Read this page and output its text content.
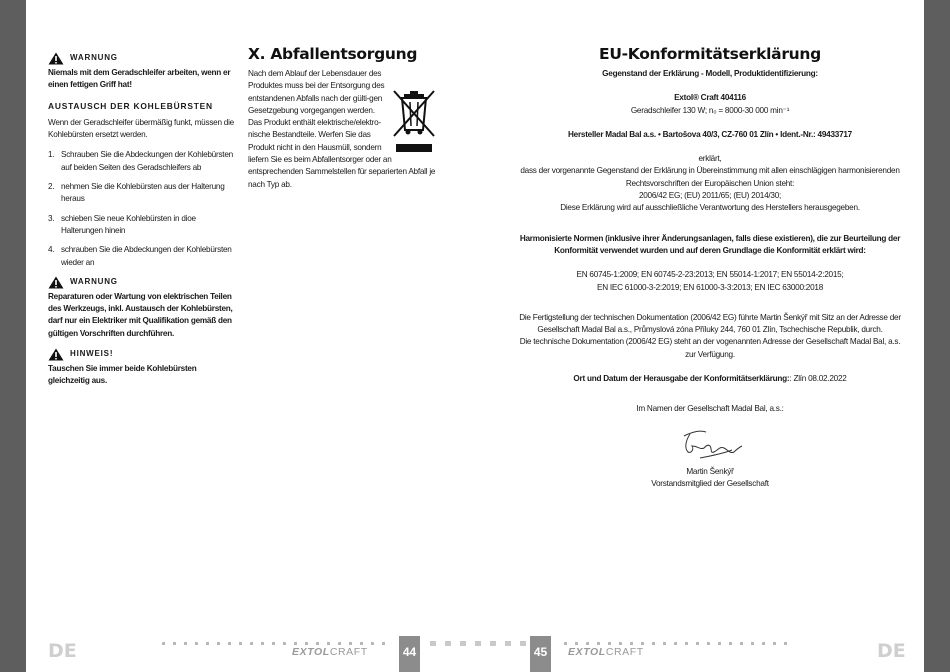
WARNUNG
Niemals mit dem Geradschleifer arbeiten, wenn er einen fettigen Griff hat!
AUSTAUSCH DER KOHLEBÜRSTEN
Wenn der Geradschleifer übermäßig funkt, müssen die Kohlebürsten ersetzt werden.
1. Schrauben Sie die Abdeckungen der Kohlebürsten auf beiden Seiten des Geradschleifers ab
2. nehmen Sie die Kohlebürsten aus der Halterung heraus
3. schieben Sie neue Kohlebürsten in dioe Halterungen hinein
4. schrauben Sie die Abdeckungen der Kohlebürsten wieder an
WARNUNG
Reparaturen oder Wartung von elektrischen Teilen des Werkzeugs, inkl. Austausch der Kohlebürsten, darf nur ein Elektriker mit Qualifikation gemäß den gültigen Vorschriften durchführen.
HINWEIS!
Tauschen Sie immer beide Kohlebürsten gleichzeitig aus.
X. Abfallentsorgung
Nach dem Ablauf der Lebensdauer des Produktes muss bei der Entsorgung des entstandenen Abfalls nach der gülti-gen Gesetzgebung vorgegangen werden. Das Produkt enthält elektrische/elektro-nische Bestandteile. Werfen Sie das Produkt nicht in den Hausmüll, sondern liefern Sie es beim Abfallentsorger oder an entsprechenden Sammelstellen für separierten Abfall je nach Typ ab.
EU-Konformitätserklärung
Gegenstand der Erklärung - Modell, Produktidentifizierung:
Extol® Craft 404116
Geradschleifer 130 W; n₀ = 8000-30 000 min⁻¹
Hersteller Madal Bal a.s. • Bartošova 40/3, CZ-760 01 Zlín • Ident.-Nr.: 49433717
erklärt,
dass der vorgenannte Gegenstand der Erklärung in Übereinstimmung mit allen einschlägigen harmonisierenden Rechtsvorschriften der Europäischen Union steht:
2006/42 EG; (EU) 2011/65; (EU) 2014/30;
Diese Erklärung wird auf ausschließliche Verantwortung des Herstellers herausgegeben.
Harmonisierte Normen (inklusive ihrer Änderungsanlagen, falls diese existieren), die zur Beurteilung der Konformität verwendet wurden und auf deren Grundlage die Konformität erklärt wird:
EN 60745-1:2009; EN 60745-2-23:2013; EN 55014-1:2017; EN 55014-2:2015;
EN IEC 61000-3-2:2019; EN 61000-3-3:2013; EN IEC 63000:2018
Die Fertigstellung der technischen Dokumentation (2006/42 EG) führte Martin Šenkýř mit Sitz an der Adresse der Gesellschaft Madal Bal a.s., Průmyslová zóna Příluky 244, 760 01 Zlín, Tschechische Republik, durch.
Die technische Dokumentation (2006/42 EG) steht an der vogenannten Adresse der Gesellschaft Madal Bal, a.s. zur Verfügung.
Ort und Datum der Herausgabe der Konformitätserklärung:: Zlín 08.02.2022
Im Namen der Gesellschaft Madal Bal, a.s.:
Martin Šenkýř
Vorstandsmitglied der Gesellschaft
DE	EXTOLCRAFT	44	45	EXTOLCRAFT	DE
